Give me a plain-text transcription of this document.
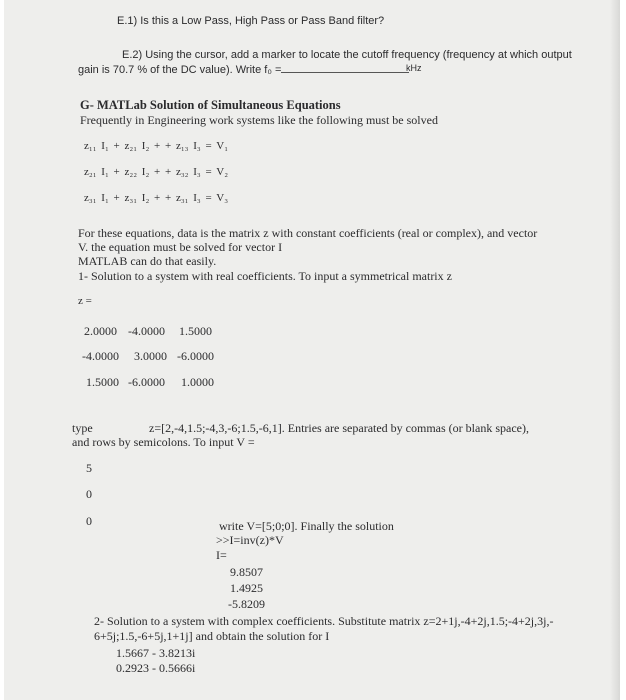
E.1) Is this a Low Pass, High Pass or Pass Band filter?
E.2) Using the cursor, add a marker to locate the cutoff frequency (frequency at which output
gain is 70.7 % of the DC value). Write f₀ =	kHz
G- MATLab Solution of Simultaneous Equations
Frequently in Engineering work systems like the following must be solved
z₁₁ I₁ + z₂₁ I₂ + + z₁₃ I₃ = V₁
z₂₁ I₁ + z₂₂ I₂ + + z₃₂ I₃ = V₂
z₃₁ I₁ + z₃₁ I₂ + + z₃₁ I₃ = V₃
For these equations, data is the matrix z with constant coefficients (real or complex), and vector
V. the equation must be solved for vector I
MATLAB can do that easily.
1- Solution to a system with real coefficients. To input a symmetrical matrix z
z =
2.0000 -4.0000 1.5000
-4.0000 3.0000 -6.0000
1.5000 -6.0000 1.0000
type	z=[2,-4,1.5;-4,3,-6;1.5,-6,1]. Entries are separated by commas (or blank space),
and rows by semicolons. To input V =
5
0
0	write V=[5;0;0]. Finally the solution
>>I=inv(z)*V
I=
9.8507
1.4925
-5.8209
2- Solution to a system with complex coefficients. Substitute matrix z=2+1j,-4+2j,1.5;-4+2j,3j,-
6+5j;1.5,-6+5j,1+1j] and obtain the solution for I
1.5667 - 3.8213i
0.2923 - 0.5666i
